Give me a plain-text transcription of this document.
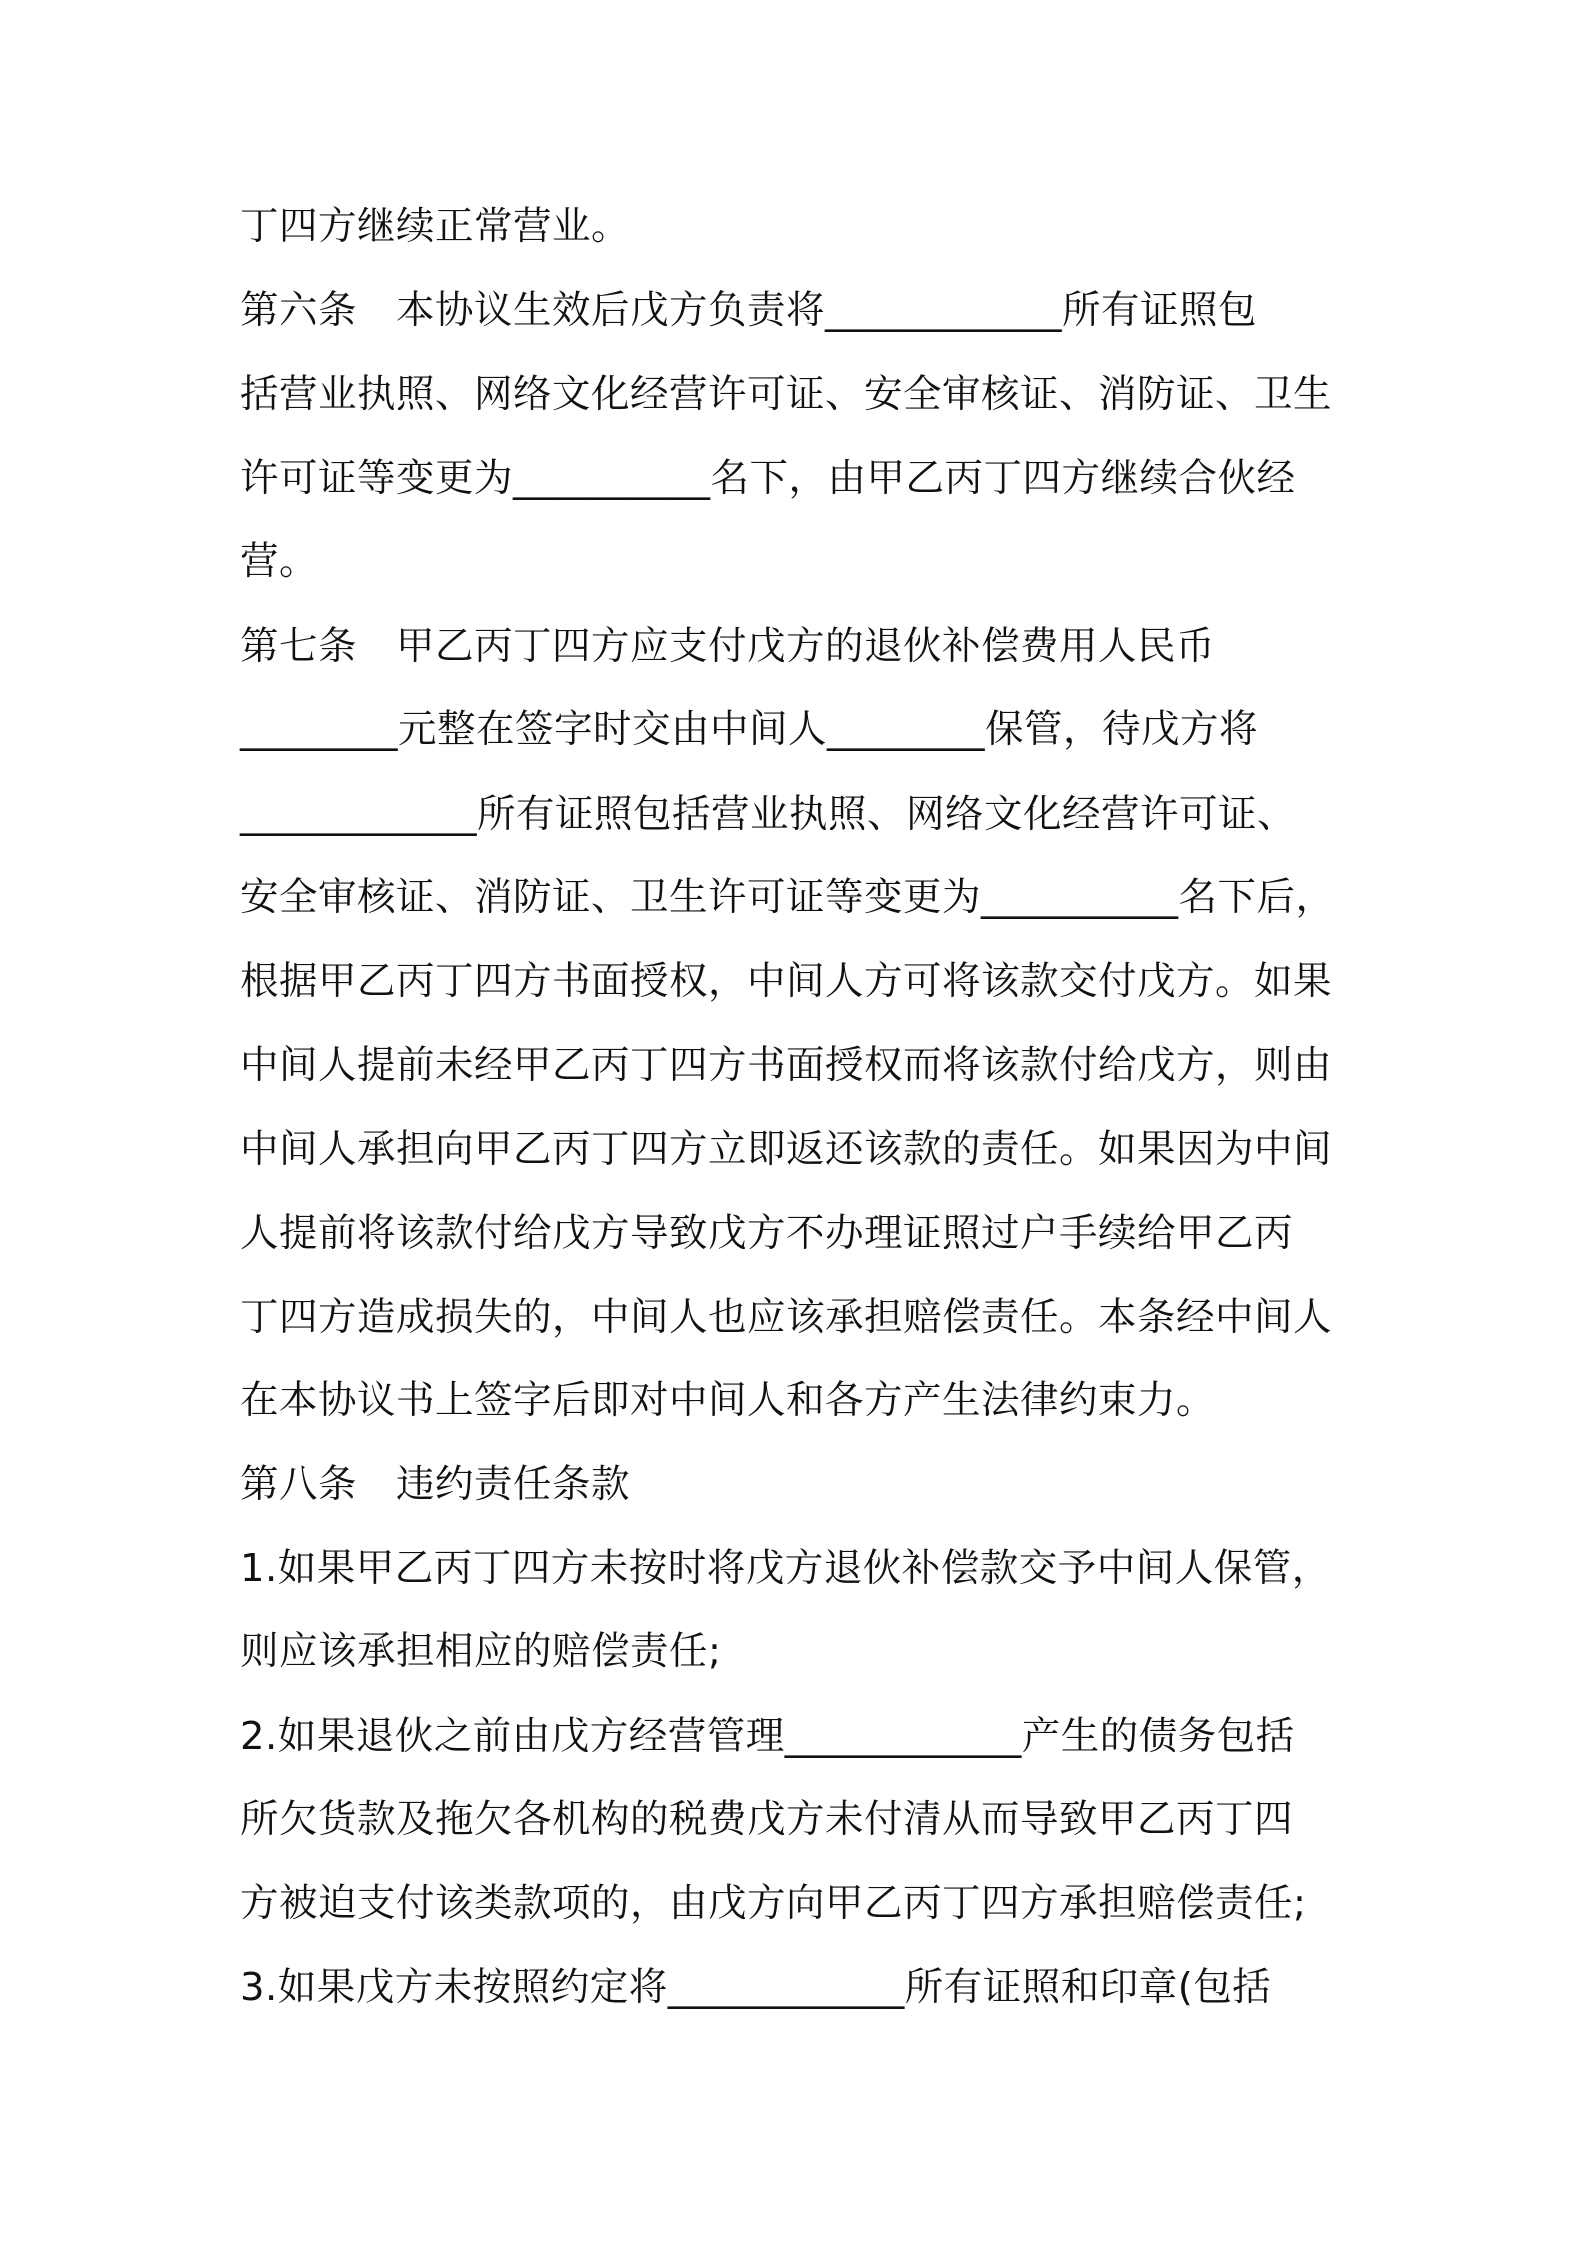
丁四方继续正常营业。
第六条　本协议生效后戊方负责将____________所有证照包
括营业执照、网络文化经营许可证、安全审核证、消防证、卫生
许可证等变更为__________名下，由甲乙丙丁四方继续合伙经
营。
第七条　甲乙丙丁四方应支付戊方的退伙补偿费用人民币
________元整在签字时交由中间人________保管，待戊方将
____________所有证照包括营业执照、网络文化经营许可证、
安全审核证、消防证、卫生许可证等变更为__________名下后，
根据甲乙丙丁四方书面授权，中间人方可将该款交付戊方。如果
中间人提前未经甲乙丙丁四方书面授权而将该款付给戊方，则由
中间人承担向甲乙丙丁四方立即返还该款的责任。如果因为中间
人提前将该款付给戊方导致戊方不办理证照过户手续给甲乙丙
丁四方造成损失的，中间人也应该承担赔偿责任。本条经中间人
在本协议书上签字后即对中间人和各方产生法律约束力。
第八条　违约责任条款
1.如果甲乙丙丁四方未按时将戊方退伙补偿款交予中间人保管，
则应该承担相应的赔偿责任;
2.如果退伙之前由戊方经营管理____________产生的债务包括
所欠货款及拖欠各机构的税费戊方未付清从而导致甲乙丙丁四
方被迫支付该类款项的，由戊方向甲乙丙丁四方承担赔偿责任;
3.如果戊方未按照约定将____________所有证照和印章(包括
